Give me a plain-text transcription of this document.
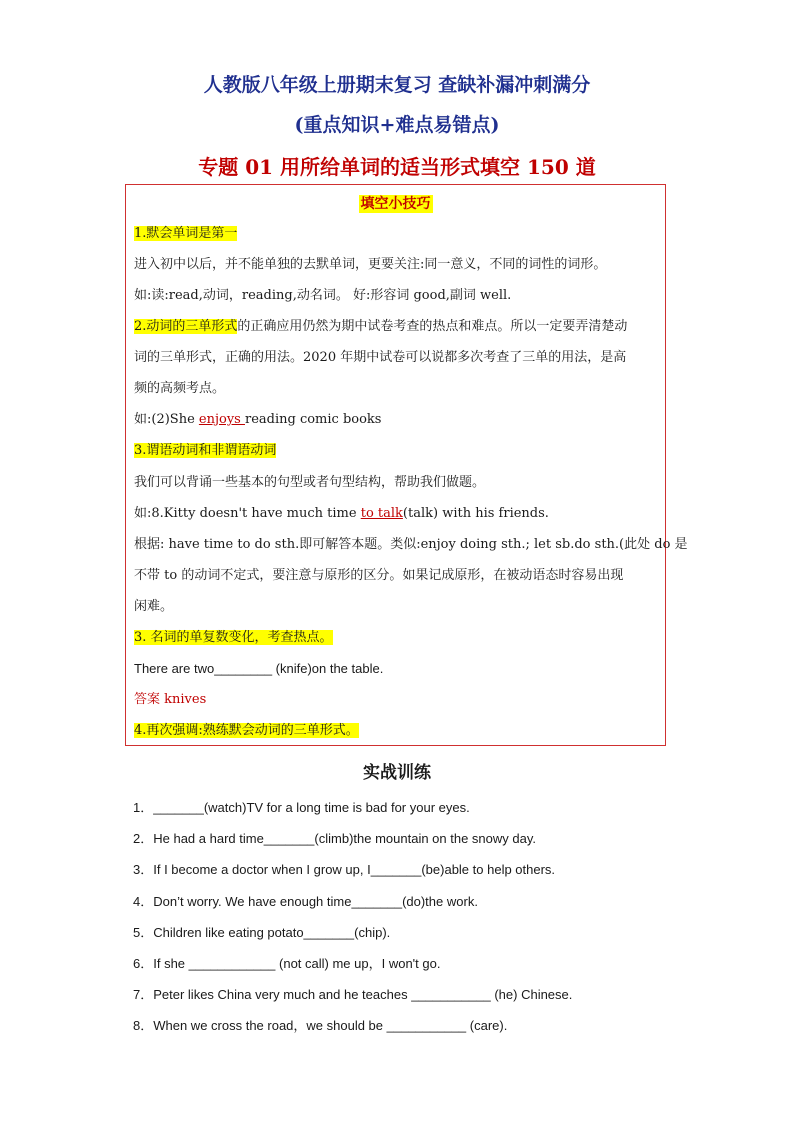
人教版八年级上册期末复习 查缺补漏冲刺满分
(重点知识+难点易错点)
专题 01 用所给单词的适当形式填空 150 道
填空小技巧
1.默会单词是第一
进入初中以后，并不能单独的去默单词，更要关注:同一意义，不同的词性的词形。
如:读:read,动词，reading,动名词。 好:形容词 good,副词 well.
2.动词的三单形式的正确应用仍然为期中试卷考查的热点和难点。所以一定要弄清楚动
词的三单形式，正确的用法。2020 年期中试卷可以说都多次考查了三单的用法，是高
频的高频考点。
如:(2)She enjoys reading comic books
3.谓语动词和非谓语动词
我们可以背诵一些基本的句型或者句型结构，帮助我们做题。
如:8.Kitty doesn't have much time to talk(talk) with his friends.
根据: have time to do sth.即可解答本题。类似:enjoy doing sth.; let sb.do sth.(此处 do 是
不带 to 的动词不定式，要注意与原形的区分。如果记成原形，在被动语态时容易出现
闲难。
3. 名词的单复数变化，考查热点。
There are two________ (knife)on the table.
答案 knives
4.再次强调:熟练默会动词的三单形式。
实战训练
1．_______(watch)TV for a long time is bad for your eyes.
2．He had a hard time_______(climb)the mountain on the snowy day.
3．If I become a doctor when I grow up, I_______(be)able to help others.
4．Don’t worry. We have enough time_______(do)the work.
5．Children like eating potato_______(chip).
6．If she ____________ (not call) me up，I won't go.
7．Peter likes China very much and he teaches ___________ (he) Chinese.
8．When we cross the road，we should be ___________ (care).
